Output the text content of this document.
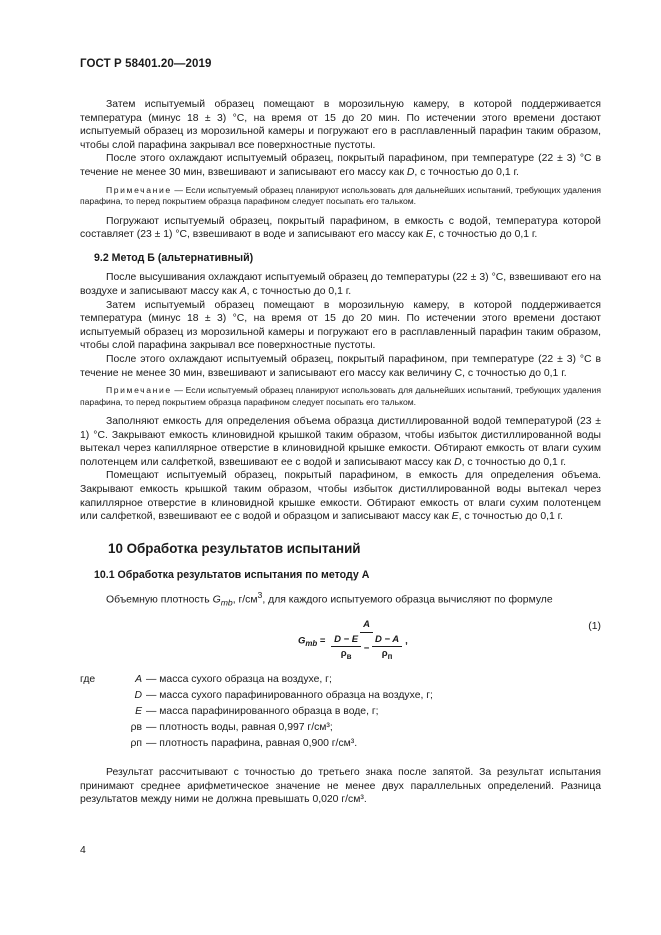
ГОСТ Р 58401.20—2019

Затем испытуемый образец помещают в морозильную камеру, в которой поддерживается температура (минус 18 ± 3) °С, на время от 15 до 20 мин. По истечении этого времени достают испытуемый образец из морозильной камеры и погружают его в расплавленный парафин таким образом, чтобы слой парафина закрывал все поверхностные пустоты.

После этого охлаждают испытуемый образец, покрытый парафином, при температуре (22 ± 3) °С в течение не менее 30 мин, взвешивают и записывают его массу как D, с точностью до 0,1 г.

Примечание — Если испытуемый образец планируют использовать для дальнейших испытаний, требующих удаления парафина, то перед покрытием образца парафином следует посыпать его тальком.

Погружают испытуемый образец, покрытый парафином, в емкость с водой, температура которой составляет (23 ± 1) °С, взвешивают в воде и записывают его массу как E, с точностью до 0,1 г.

9.2 Метод Б (альтернативный)

После высушивания охлаждают испытуемый образец до температуры (22 ± 3) °С, взвешивают его на воздухе и записывают массу как A, с точностью до 0,1 г.

Затем испытуемый образец помещают в морозильную камеру, в которой поддерживается температура (минус 18 ± 3) °С, на время от 15 до 20 мин. По истечении этого времени достают испытуемый образец из морозильной камеры и погружают его в расплавленный парафин таким образом, чтобы слой парафина закрывал все поверхностные пустоты.

После этого охлаждают испытуемый образец, покрытый парафином, при температуре (22 ± 3) °С в течение не менее 30 мин, взвешивают и записывают его массу как величину С, с точностью до 0,1 г.

Примечание — Если испытуемый образец планируют использовать для дальнейших испытаний, требующих удаления парафина, то перед покрытием образца парафином следует посыпать его тальком.

Заполняют емкость для определения объема образца дистиллированной водой температурой (23 ± 1) °С. Закрывают емкость клиновидной крышкой таким образом, чтобы избыток дистиллированной воды вытекал через капиллярное отверстие в клиновидной крышке емкости. Обтирают емкость от влаги сухим полотенцем или салфеткой, взвешивают ее с водой и записывают массу как D, с точностью до 0,1 г.

Помещают испытуемый образец, покрытый парафином, в емкость для определения объема. Закрывают емкость крышкой таким образом, чтобы избыток дистиллированной воды вытекал через капиллярное отверстие в клиновидной крышке емкости. Обтирают емкость от влаги сухим полотенцем или салфеткой, взвешивают ее с водой и образцом и записывают массу как E, с точностью до 0,1 г.

10 Обработка результатов испытаний
10.1 Обработка результатов испытания по методу А

Объемную плотность $G_{mb}$, $г/см^3$, для каждого испытуемого образца вычисляют по формуле

$G_{mb} = \frac{A}{\frac{D - E}{\rho_в} - \frac{D - A}{\rho_п}}$ ,
(1)
где	A — масса сухого образца на воздухе, г;
D — масса сухого парафинированного образца на воздухе, г;
E — масса парафинированного образца в воде, г;
ρв — плотность воды, равная 0,997 г/см³;
ρп — плотность парафина, равная 0,900 г/см³.

Результат рассчитывают с точностью до третьего знака после запятой. За результат испытания принимают среднее арифметическое значение не менее двух параллельных определений. Разница результатов между ними не должна превышать 0,020 г/см³.

4
